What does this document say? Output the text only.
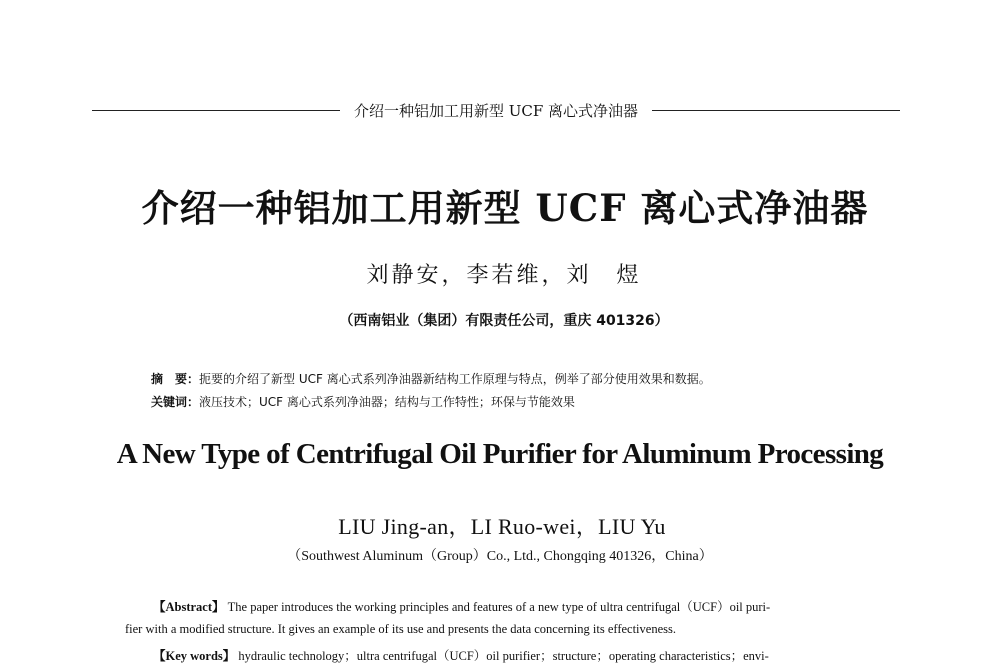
介绍一种铝加工用新型 UCF 离心式净油器
介绍一种铝加工用新型 UCF 离心式净油器
刘静安，李若维，刘　煜
（西南铝业（集团）有限责任公司，重庆 401326）
摘　要：扼要的介绍了新型 UCF 离心式系列净油器新结构工作原理与特点，例举了部分使用效果和数据。
关键词：液压技术；UCF 离心式系列净油器；结构与工作特性；环保与节能效果
A New Type of Centrifugal Oil Purifier for Aluminum Processing
LIU Jing-an，LI Ruo-wei，LIU Yu
（Southwest Aluminum（Group）Co., Ltd., Chongqing 401326，China）
【Abstract】 The paper introduces the working principles and features of a new type of ultra centrifugal（UCF）oil puri-
fier with a modified structure. It gives an example of its use and presents the data concerning its effectiveness.
【Key words】 hydraulic technology；ultra centrifugal（UCF）oil purifier；structure；operating characteristics；envi-
